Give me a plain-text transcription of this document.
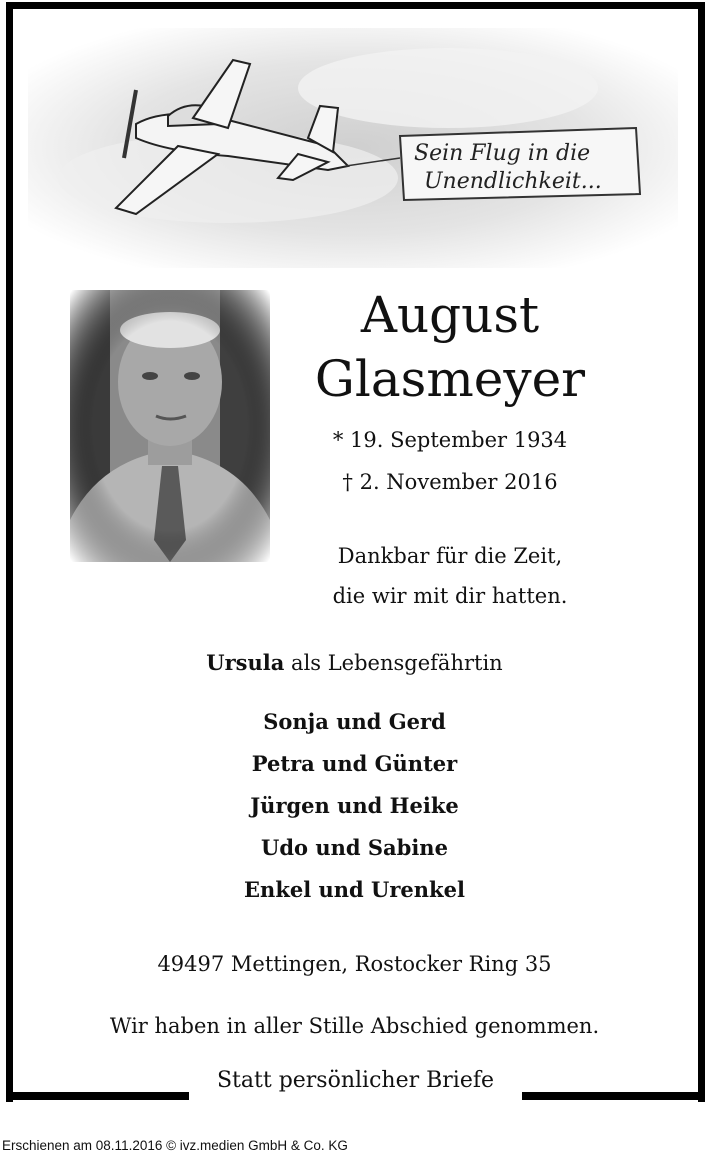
Sein Flug in die
Unendlichkeit...
August
Glasmeyer
* 19. September 1934
† 2. November 2016
Dankbar für die Zeit,
die wir mit dir hatten.
Ursula als Lebensgefährtin
Sonja und Gerd
Petra und Günter
Jürgen und Heike
Udo und Sabine
Enkel und Urenkel
49497 Mettingen, Rostocker Ring 35
Wir haben in aller Stille Abschied genommen.
Statt persönlicher Briefe
Erschienen am 08.11.2016 © ivz.medien GmbH & Co. KG
